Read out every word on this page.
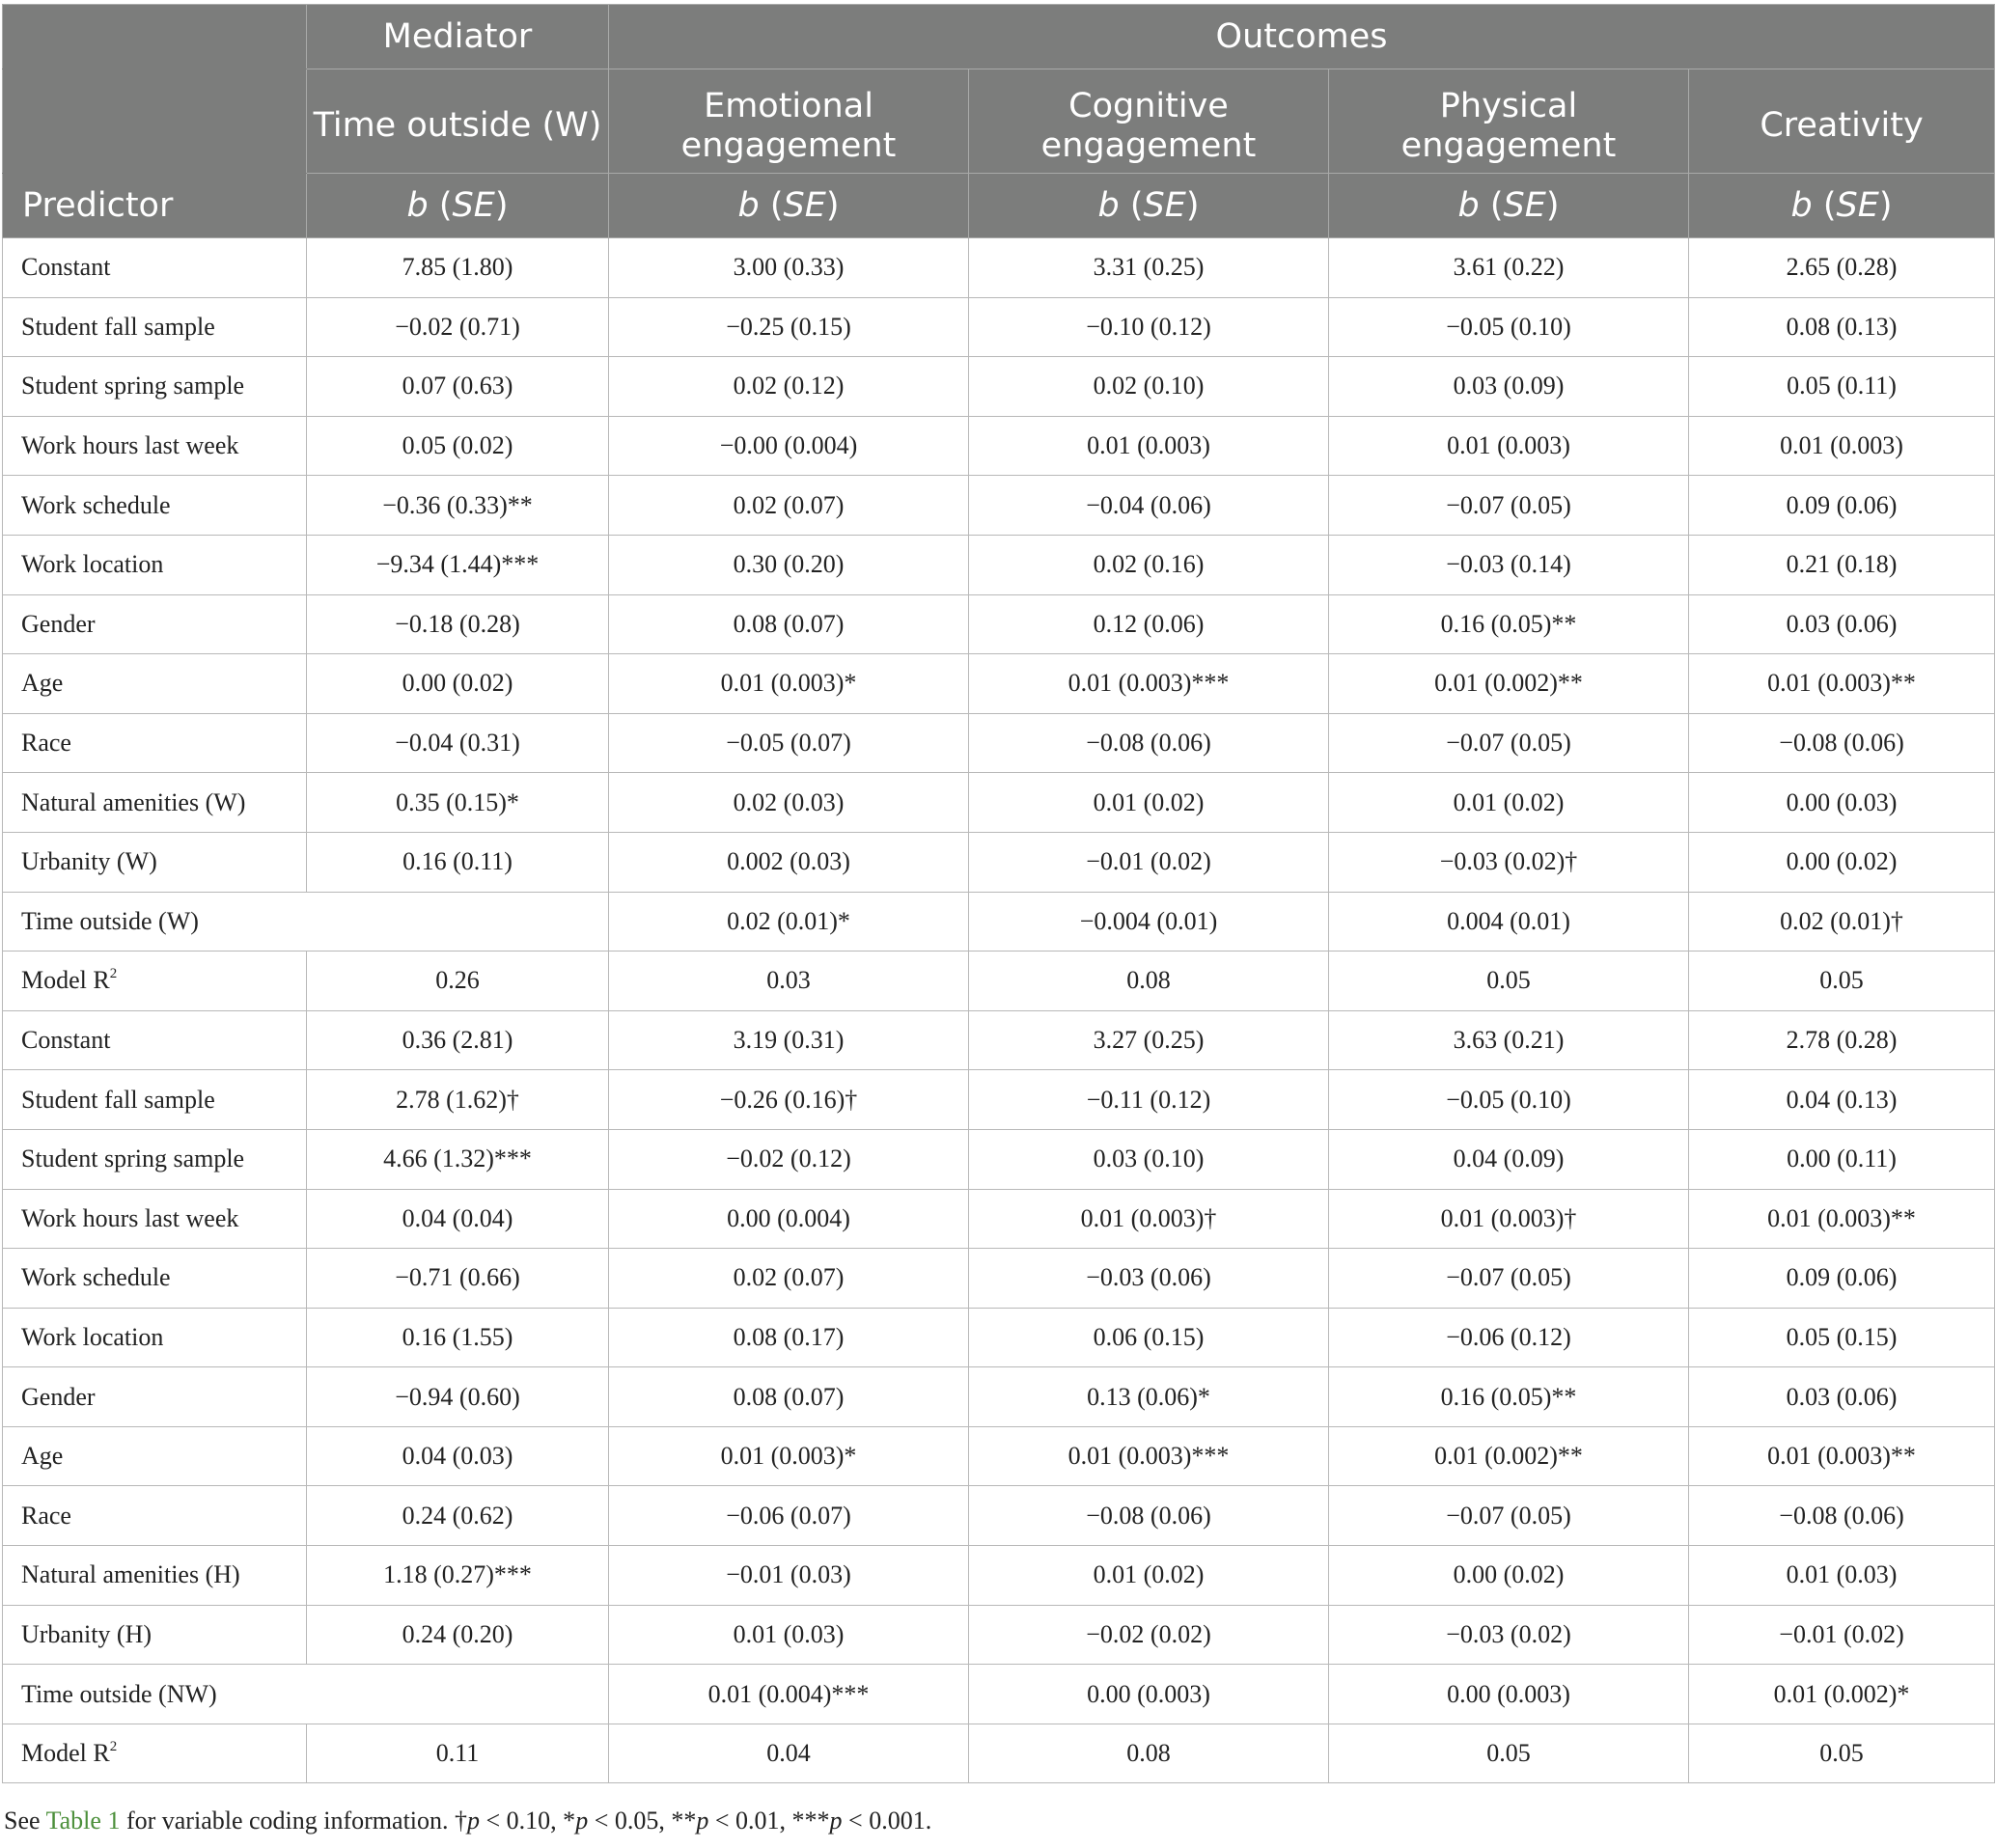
	Mediator	Outcomes			
	Time outside (W)	Emotional engagement	Cognitive engagement	Physical engagement	Creativity
Predictor	b (SE)	b (SE)	b (SE)	b (SE)	b (SE)
Constant	7.85 (1.80)	3.00 (0.33)	3.31 (0.25)	3.61 (0.22)	2.65 (0.28)
Student fall sample	−0.02 (0.71)	−0.25 (0.15)	−0.10 (0.12)	−0.05 (0.10)	0.08 (0.13)
Student spring sample	0.07 (0.63)	0.02 (0.12)	0.02 (0.10)	0.03 (0.09)	0.05 (0.11)
Work hours last week	0.05 (0.02)	−0.00 (0.004)	0.01 (0.003)	0.01 (0.003)	0.01 (0.003)
Work schedule	−0.36 (0.33)**	0.02 (0.07)	−0.04 (0.06)	−0.07 (0.05)	0.09 (0.06)
Work location	−9.34 (1.44)***	0.30 (0.20)	0.02 (0.16)	−0.03 (0.14)	0.21 (0.18)
Gender	−0.18 (0.28)	0.08 (0.07)	0.12 (0.06)	0.16 (0.05)**	0.03 (0.06)
Age	0.00 (0.02)	0.01 (0.003)*	0.01 (0.003)***	0.01 (0.002)**	0.01 (0.003)**
Race	−0.04 (0.31)	−0.05 (0.07)	−0.08 (0.06)	−0.07 (0.05)	−0.08 (0.06)
Natural amenities (W)	0.35 (0.15)*	0.02 (0.03)	0.01 (0.02)	0.01 (0.02)	0.00 (0.03)
Urbanity (W)	0.16 (0.11)	0.002 (0.03)	−0.01 (0.02)	−0.03 (0.02)†	0.00 (0.02)
Time outside (W)		0.02 (0.01)*	−0.004 (0.01)	0.004 (0.01)	0.02 (0.01)†
Model $R^2$	0.26	0.03	0.08	0.05	0.05
Constant	0.36 (2.81)	3.19 (0.31)	3.27 (0.25)	3.63 (0.21)	2.78 (0.28)
Student fall sample	2.78 (1.62)†	−0.26 (0.16)†	−0.11 (0.12)	−0.05 (0.10)	0.04 (0.13)
Student spring sample	4.66 (1.32)***	−0.02 (0.12)	0.03 (0.10)	0.04 (0.09)	0.00 (0.11)
Work hours last week	0.04 (0.04)	0.00 (0.004)	0.01 (0.003)†	0.01 (0.003)†	0.01 (0.003)**
Work schedule	−0.71 (0.66)	0.02 (0.07)	−0.03 (0.06)	−0.07 (0.05)	0.09 (0.06)
Work location	0.16 (1.55)	0.08 (0.17)	0.06 (0.15)	−0.06 (0.12)	0.05 (0.15)
Gender	−0.94 (0.60)	0.08 (0.07)	0.13 (0.06)*	0.16 (0.05)**	0.03 (0.06)
Age	0.04 (0.03)	0.01 (0.003)*	0.01 (0.003)***	0.01 (0.002)**	0.01 (0.003)**
Race	0.24 (0.62)	−0.06 (0.07)	−0.08 (0.06)	−0.07 (0.05)	−0.08 (0.06)
Natural amenities (H)	1.18 (0.27)***	−0.01 (0.03)	0.01 (0.02)	0.00 (0.02)	0.01 (0.03)
Urbanity (H)	0.24 (0.20)	0.01 (0.03)	−0.02 (0.02)	−0.03 (0.02)	−0.01 (0.02)
Time outside (NW)		0.01 (0.004)***	0.00 (0.003)	0.00 (0.003)	0.01 (0.002)*
Model $R^2$	0.11	0.04	0.08	0.05	0.05
See Table 1 for variable coding information. †p < 0.10, *p < 0.05, **p < 0.01, ***p < 0.001.
